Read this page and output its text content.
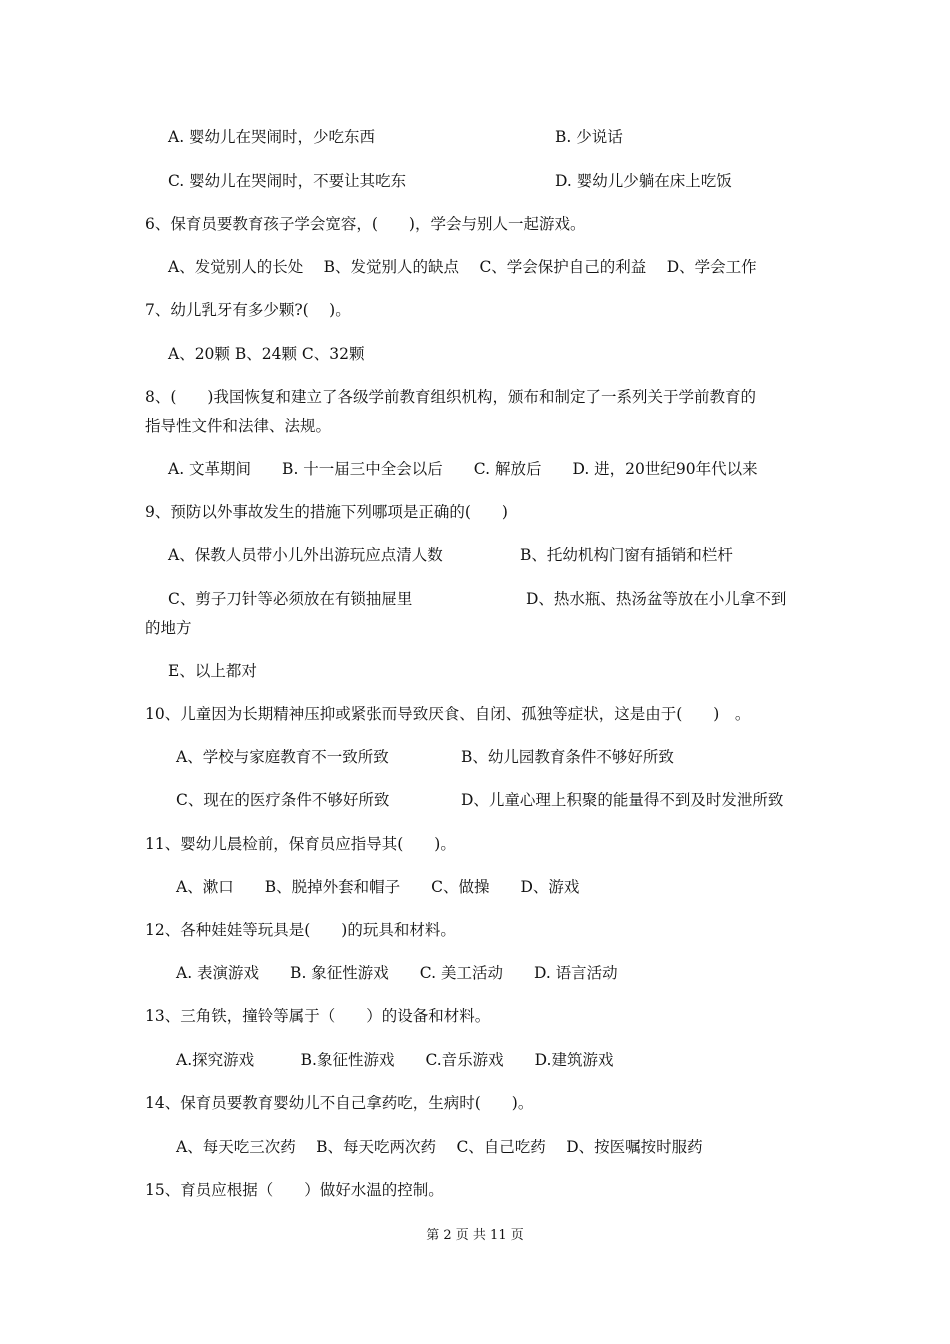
A. 婴幼儿在哭闹时，少吃东西	B. 少说话
C. 婴幼儿在哭闹时，不要让其吃东	D. 婴幼儿少躺在床上吃饭
6、保育员要教育孩子学会宽容，(　　)，学会与别人一起游戏。
A、发觉别人的长处　 B、发觉别人的缺点　 C、学会保护自己的利益　 D、学会工作
7、幼儿乳牙有多少颗?(　 )。
A、20颗 B、24颗 C、32颗
8、(　　)我国恢复和建立了各级学前教育组织机构，颁布和制定了一系列关于学前教育的
指导性文件和法律、法规。
A. 文革期间　　B. 十一届三中全会以后　　C. 解放后　　D. 进，20世纪90年代以来
9、预防以外事故发生的措施下列哪项是正确的(　　)
A、保教人员带小儿外出游玩应点清人数	B、托幼机构门窗有插销和栏杆
C、剪子刀针等必须放在有锁抽屉里	D、热水瓶、热汤盆等放在小儿拿不到
的地方
E、以上都对
10、儿童因为长期精神压抑或紧张而导致厌食、自闭、孤独等症状，这是由于(　　)　。
A、学校与家庭教育不一致所致	B、幼儿园教育条件不够好所致
C、现在的医疗条件不够好所致	D、儿童心理上积聚的能量得不到及时发泄所致
11、婴幼儿晨检前，保育员应指导其(　　)。
A、漱口　　B、脱掉外套和帽子　　C、做操　　D、游戏
12、各种娃娃等玩具是(　　)的玩具和材料。
A. 表演游戏　　B. 象征性游戏　　C. 美工活动　　D. 语言活动
13、三角铁，撞铃等属于（　　）的设备和材料。
A.探究游戏　　　B.象征性游戏　　C.音乐游戏　　D.建筑游戏
14、保育员要教育婴幼儿不自己拿药吃，生病时(　　)。
A、每天吃三次药　 B、每天吃两次药　 C、自己吃药　 D、按医嘱按时服药
15、育员应根据（　　）做好水温的控制。
第 2 页 共 11 页
